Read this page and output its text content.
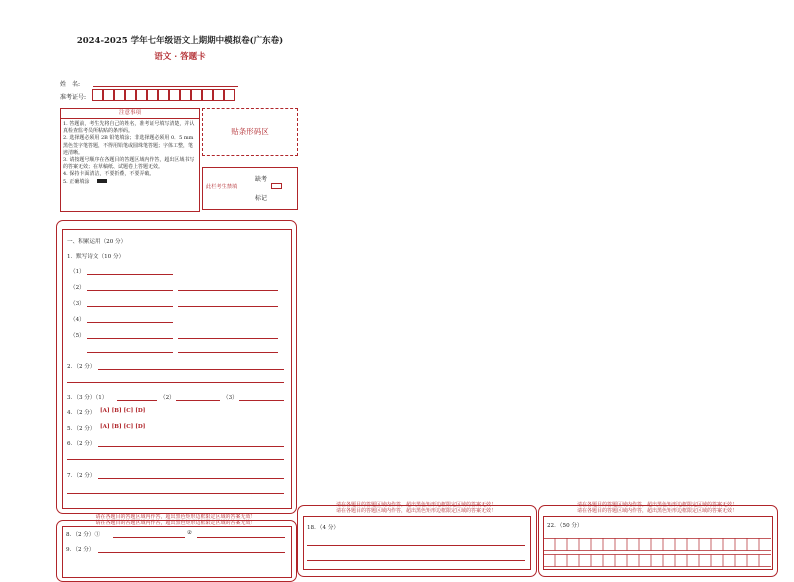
2024-2025 学年七年级语文上期期中模拟卷(广东卷)
语文 · 答题卡
姓　名:
准考证号:
注意事项
1. 答题前，考生先将自己的姓名，准考证号填写清楚，并认真检查监考员所粘贴的条形码。
2. 选择题必须用 2B 铅笔填涂；非选择题必须用 0．5 mm 黑色签字笔答题，不得用铅笔或圆珠笔答题；字体工整，笔迹清晰。
3. 请按题号顺序在各题目的答题区域内作答，超出区域书写的答案无效；在草稿纸、试题卷上答题无效。
4. 保持卡面清洁，不要折叠，不要弄破。
5. 正确填涂
贴条形码区
此栏考生禁填
缺考
标记
一、积累运用（20 分）
1．默写诗文（10 分）
（1）
（2）
（3）
（4）
（5）
2．（2 分）
3．（3 分）（1）	（2）	（3）
4．（2 分） [A] [B] [C] [D]
5．（2 分） [A] [B] [C] [D]
6．（2 分）
7．（2 分）
请在各题目的答题区域内作答，超出黑色矩形边框限定区域的答案无效！
请在各题目的答题区域内作答，超出黑色矩形边框限定区域的答案无效！
8．（2 分）①	②
9．（2 分）
请在各题目的答题区域内作答，超出黑色矩形边框限定区域的答案无效！
请在各题目的答题区域内作答，超出黑色矩形边框限定区域的答案无效！
18．（4 分）
请在各题目的答题区域内作答，超出黑色矩形边框限定区域的答案无效！
请在各题目的答题区域内作答，超出黑色矩形边框限定区域的答案无效！
22．（50 分）
